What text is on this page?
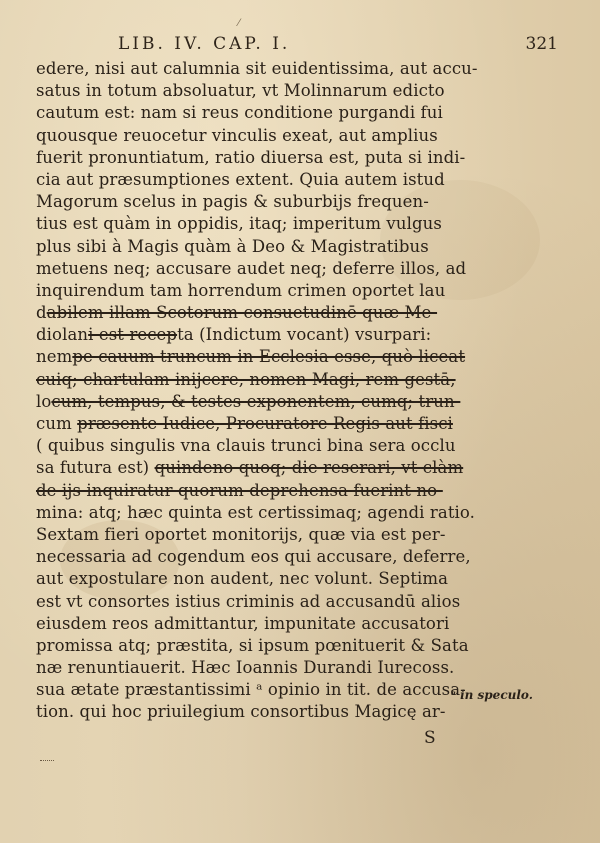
⁄
LIB. IV. CAP. I.	321
edere, nisi aut calumnia sit euidentissima, aut accu-
satus in totum absoluatur, vt Molinnarum edicto
cautum est: nam si reus conditione purgandi fui
quousque reuocetur vinculis exeat, aut amplius
fuerit pronuntiatum, ratio diuersa est, puta si indi-
cia aut præsumptiones extent. Quia autem istud
Magorum scelus in pagis & suburbijs frequen-
tius est quàm in oppidis, itaq; imperitum vulgus
plus sibi à Magis quàm à Deo & Magistratibus
metuens neq; accusare audet neq; deferre illos, ad
inquirendum tam horrendum crimen oportet lau
dabilem illam Scotorum consuetudinē quæ Me-
diolani est recepta (Indictum vocant) vsurpari:
nempe cauum truncum in Ecclesia esse, quò liceat
cuiq; chartulam inijcere, nomen Magi, rem gestā,
locum, tempus, & testes exponentem, cumq; trun-
cum præsente Iudice, Procuratore Regis aut fisci
( quibus singulis vna clauis trunci bina sera occlu
sa futura est) quindeno quoq; die reserari, vt clàm
de ijs inquiratur quorum deprehensa fuerint no-
mina: atq; hæc quinta est certissimaq; agendi ratio.
Sextam fieri oportet monitorijs, quæ via est per-
necessaria ad cogendum eos qui accusare, deferre,
aut expostulare non audent, nec volunt. Septima
est vt consortes istius criminis ad accusandū alios
eiusdem reos admittantur, impunitate accusatori
promissa atq; præstita, si ipsum pœnituerit & Sata
næ renuntiauerit. Hæc Ioannis Durandi Iurecoss.
sua ætate præstantissimi ᵃ opinio in tit. de accusa-
tion. qui hoc priuilegium consortibus Magicę ar-
ᵃ in speculo.
S
